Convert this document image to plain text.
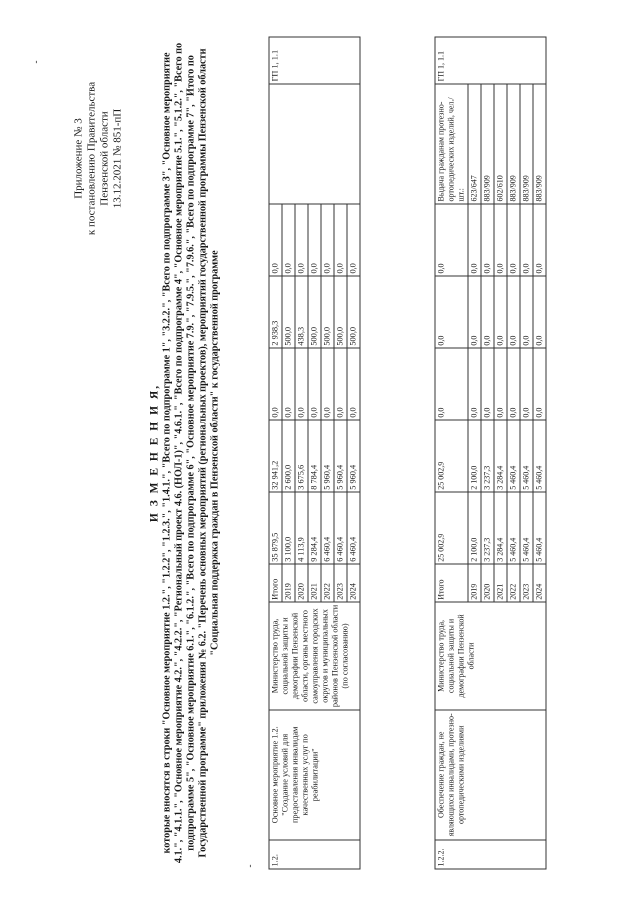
Приложение № 3 к постановлению Правительства Пензенской области 13.12.2021 № 851-пП
-
-
И З М Е Н Е Н И Я, которые вносятся в строки "Основное мероприятие 1.2.", "1.2.2", "1.2.3.", "1.4.1.", "Всего по подпрограмме 1", "3.2.2.", "Всего по подпрограмме 3", "Основное мероприятие 4.1.", "4.1.1.", "Основное мероприятие 4.2.", "4.2.2.", "Региональный проект 4.6. (НОЛ-1)", "4.6.1.", "Всего по подпрограмме 4", "Основное мероприятие 5.1.", "5.1.2.", "Всего по подпрограмме 5", "Основное мероприятие 6.1.", "6.1.2.", "Всего по подпрограмме 6", "Основное мероприятие 7.9.", "7.9.5.", "7.9.6.", "Всего по подпрограмме 7", "Итого по Государственной программе" приложения № 6.2. "Перечень основных мероприятий (региональных проектов), мероприятий государственной программы Пензенской области "Социальная поддержка граждан в Пензенской области" к государственной программе
1.2.	Основное мероприятие 1.2. "Создание условий для предоставления инвалидам качественных услуг по реабилитации"	Министерство труда, социальной защиты и демографии Пензенской области, органы местного самоуправления городских округов и муниципальных районов Пензенской области (по согласованию)	Итого	35 879,5	32 941,2	0,0	2 938,3	0,0		ГП 1, 1.1
			2019	3 100,0	2 600,0	0,0	500,0	0,0		
			2020	4 113,9	3 675,6	0,0	438,3	0,0		
			2021	9 284,4	8 784,4	0,0	500,0	0,0		
			2022	6 460,4	5 960,4	0,0	500,0	0,0		
			2023	6 460,4	5 960,4	0,0	500,0	0,0		
			2024	6 460,4	5 960,4	0,0	500,0	0,0		
1.2.2.	Обеспечение граждан, не являющихся инвалидами, протезно-ортопедическими изделиями	Министерство труда, социальной защиты и демографии Пензенской области	Итого	25 002,9	25 002,9	0,0	0,0	0,0	Выдача гражданам протезно-ортопедических изделий, чел./шт.:	ГП 1, 1.1
			2019	2 100,0	2 100,0	0,0	0,0	0,0	623/647	
			2020	3 237,3	3 237,3	0,0	0,0	0,0	883/909	
			2021	3 284,4	3 284,4	0,0	0,0	0,0	602/610	
			2022	5 460,4	5 460,4	0,0	0,0	0,0	883/909	
			2023	5 460,4	5 460,4	0,0	0,0	0,0	883/909	
			2024	5 460,4	5 460,4	0,0	0,0	0,0	883/909	
